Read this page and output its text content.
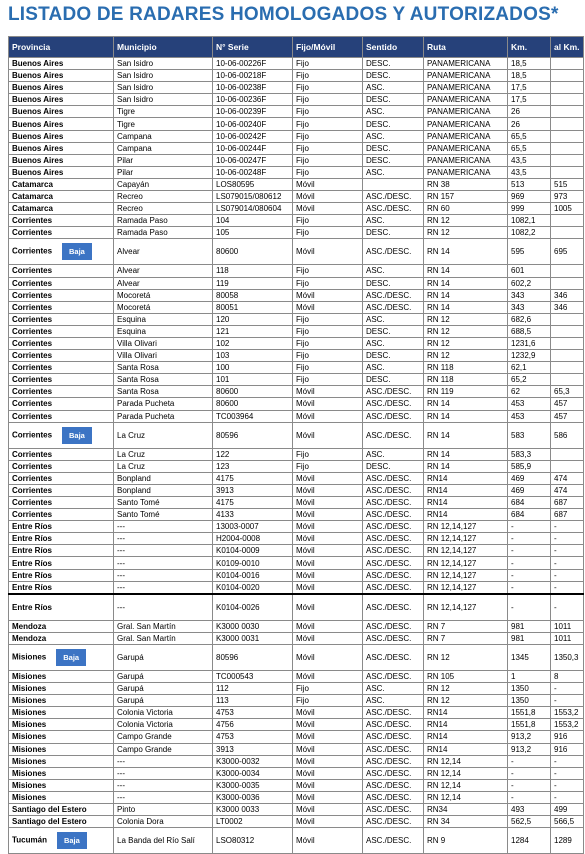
LISTADO DE RADARES HOMOLOGADOS Y AUTORIZADOS*
Provincia	Municipio	N° Serie	Fijo/Móvil	Sentido	Ruta	Km.	al Km.
Buenos Aires	San Isidro	10-06-00226F	Fijo	DESC.	PANAMERICANA	18,5	
Buenos Aires	San Isidro	10-06-00218F	Fijo	DESC.	PANAMERICANA	18,5	
Buenos Aires	San Isidro	10-06-00238F	Fijo	ASC.	PANAMERICANA	17,5	
Buenos Aires	San Isidro	10-06-00236F	Fijo	DESC.	PANAMERICANA	17,5	
Buenos Aires	Tigre	10-06-00239F	Fijo	ASC.	PANAMERICANA	26	
Buenos Aires	Tigre	10-06-00240F	Fijo	DESC.	PANAMERICANA	26	
Buenos Aires	Campana	10-06-00242F	Fijo	ASC.	PANAMERICANA	65,5	
Buenos Aires	Campana	10-06-00244F	Fijo	DESC.	PANAMERICANA	65,5	
Buenos Aires	Pilar	10-06-00247F	Fijo	DESC.	PANAMERICANA	43,5	
Buenos Aires	Pilar	10-06-00248F	Fijo	ASC.	PANAMERICANA	43,5	
Catamarca	Capayán	LOS80595	Móvil		RN 38	513	515
Catamarca	Recreo	LS079015/080612	Móvil	ASC./DESC.	RN 157	969	973
Catamarca	Recreo	LS079014/080604	Móvil	ASC./DESC.	RN 60	999	1005
Corrientes	Ramada Paso	104	Fijo	ASC.	RN 12	1082,1	
Corrientes	Ramada Paso	105	Fijo	DESC.	RN 12	1082,2	
Corrientes Baja	Alvear	80600	Móvil	ASC./DESC.	RN 14	595	695
Corrientes	Alvear	118	Fijo	ASC.	RN 14	601	
Corrientes	Alvear	119	Fijo	DESC.	RN 14	602,2	
Corrientes	Mocoretá	80058	Móvil	ASC./DESC.	RN 14	343	346
Corrientes	Mocoretá	80051	Móvil	ASC./DESC.	RN 14	343	346
Corrientes	Esquina	120	Fijo	ASC.	RN 12	682,6	
Corrientes	Esquina	121	Fijo	DESC.	RN 12	688,5	
Corrientes	Villa Olivari	102	Fijo	ASC.	RN 12	1231,6	
Corrientes	Villa Olivari	103	Fijo	DESC.	RN 12	1232,9	
Corrientes	Santa Rosa	100	Fijo	ASC.	RN 118	62,1	
Corrientes	Santa Rosa	101	Fijo	DESC.	RN 118	65,2	
Corrientes	Santa Rosa	80600	Móvil	ASC./DESC.	RN 119	62	65,3
Corrientes	Parada Pucheta	80600	Móvil	ASC./DESC.	RN 14	453	457
Corrientes	Parada Pucheta	TC003964	Móvil	ASC./DESC.	RN 14	453	457
Corrientes Baja	La Cruz	80596	Móvil	ASC./DESC.	RN 14	583	586
Corrientes	La Cruz	122	Fijo	ASC.	RN 14	583,3	
Corrientes	La Cruz	123	Fijo	DESC.	RN 14	585,9	
Corrientes	Bonpland	4175	Móvil	ASC./DESC.	RN14	469	474
Corrientes	Bonpland	3913	Móvil	ASC./DESC.	RN14	469	474
Corrientes	Santo Tomé	4175	Móvil	ASC./DESC.	RN14	684	687
Corrientes	Santo Tomé	4133	Móvil	ASC./DESC.	RN14	684	687
Entre Ríos	---	13003-0007	Móvil	ASC./DESC.	RN 12,14,127	-	-
Entre Ríos	---	H2004-0008	Móvil	ASC./DESC.	RN 12,14,127	-	-
Entre Ríos	---	K0104-0009	Móvil	ASC./DESC.	RN 12,14,127	-	-
Entre Ríos	---	K0109-0010	Móvil	ASC./DESC.	RN 12,14,127	-	-
Entre Ríos	---	K0104-0016	Móvil	ASC./DESC.	RN 12,14,127	-	-
Entre Ríos	---	K0104-0020	Móvil	ASC./DESC.	RN 12,14,127	-	-
Entre Ríos	---	K0104-0026	Móvil	ASC./DESC.	RN 12,14,127	-	-
Mendoza	Gral. San Martín	K3000 0030	Móvil	ASC./DESC.	RN 7	981	1011
Mendoza	Gral. San Martín	K3000 0031	Móvil	ASC./DESC.	RN 7	981	1011
Misiones Baja	Garupá	80596	Móvil	ASC./DESC.	RN 12	1345	1350,3
Misiones	Garupá	TC000543	Móvil	ASC./DESC.	RN 105	1	8
Misiones	Garupá	112	Fijo	ASC.	RN 12	1350	-
Misiones	Garupá	113	Fijo	ASC.	RN 12	1350	-
Misiones	Colonia Victoria	4753	Móvil	ASC./DESC.	RN14	1551,8	1553,2
Misiones	Colonia Victoria	4756	Móvil	ASC./DESC.	RN14	1551,8	1553,2
Misiones	Campo Grande	4753	Móvil	ASC./DESC.	RN14	913,2	916
Misiones	Campo Grande	3913	Móvil	ASC./DESC.	RN14	913,2	916
Misiones	---	K3000-0032	Móvil	ASC./DESC.	RN 12,14	-	-
Misiones	---	K3000-0034	Móvil	ASC./DESC.	RN 12,14	-	-
Misiones	---	K3000-0035	Móvil	ASC./DESC.	RN 12,14	-	-
Misiones	---	K3000-0036	Móvil	ASC./DESC.	RN 12,14	-	-
Santiago del Estero	Pinto	K3000 0033	Móvil	ASC./DESC.	RN34	493	499
Santiago del Estero	Colonia Dora	LT0002	Móvil	ASC./DESC.	RN 34	562,5	566,5
Tucumán Baja	La Banda del Río Salí	LSO80312	Móvil	ASC./DESC.	RN 9	1284	1289
